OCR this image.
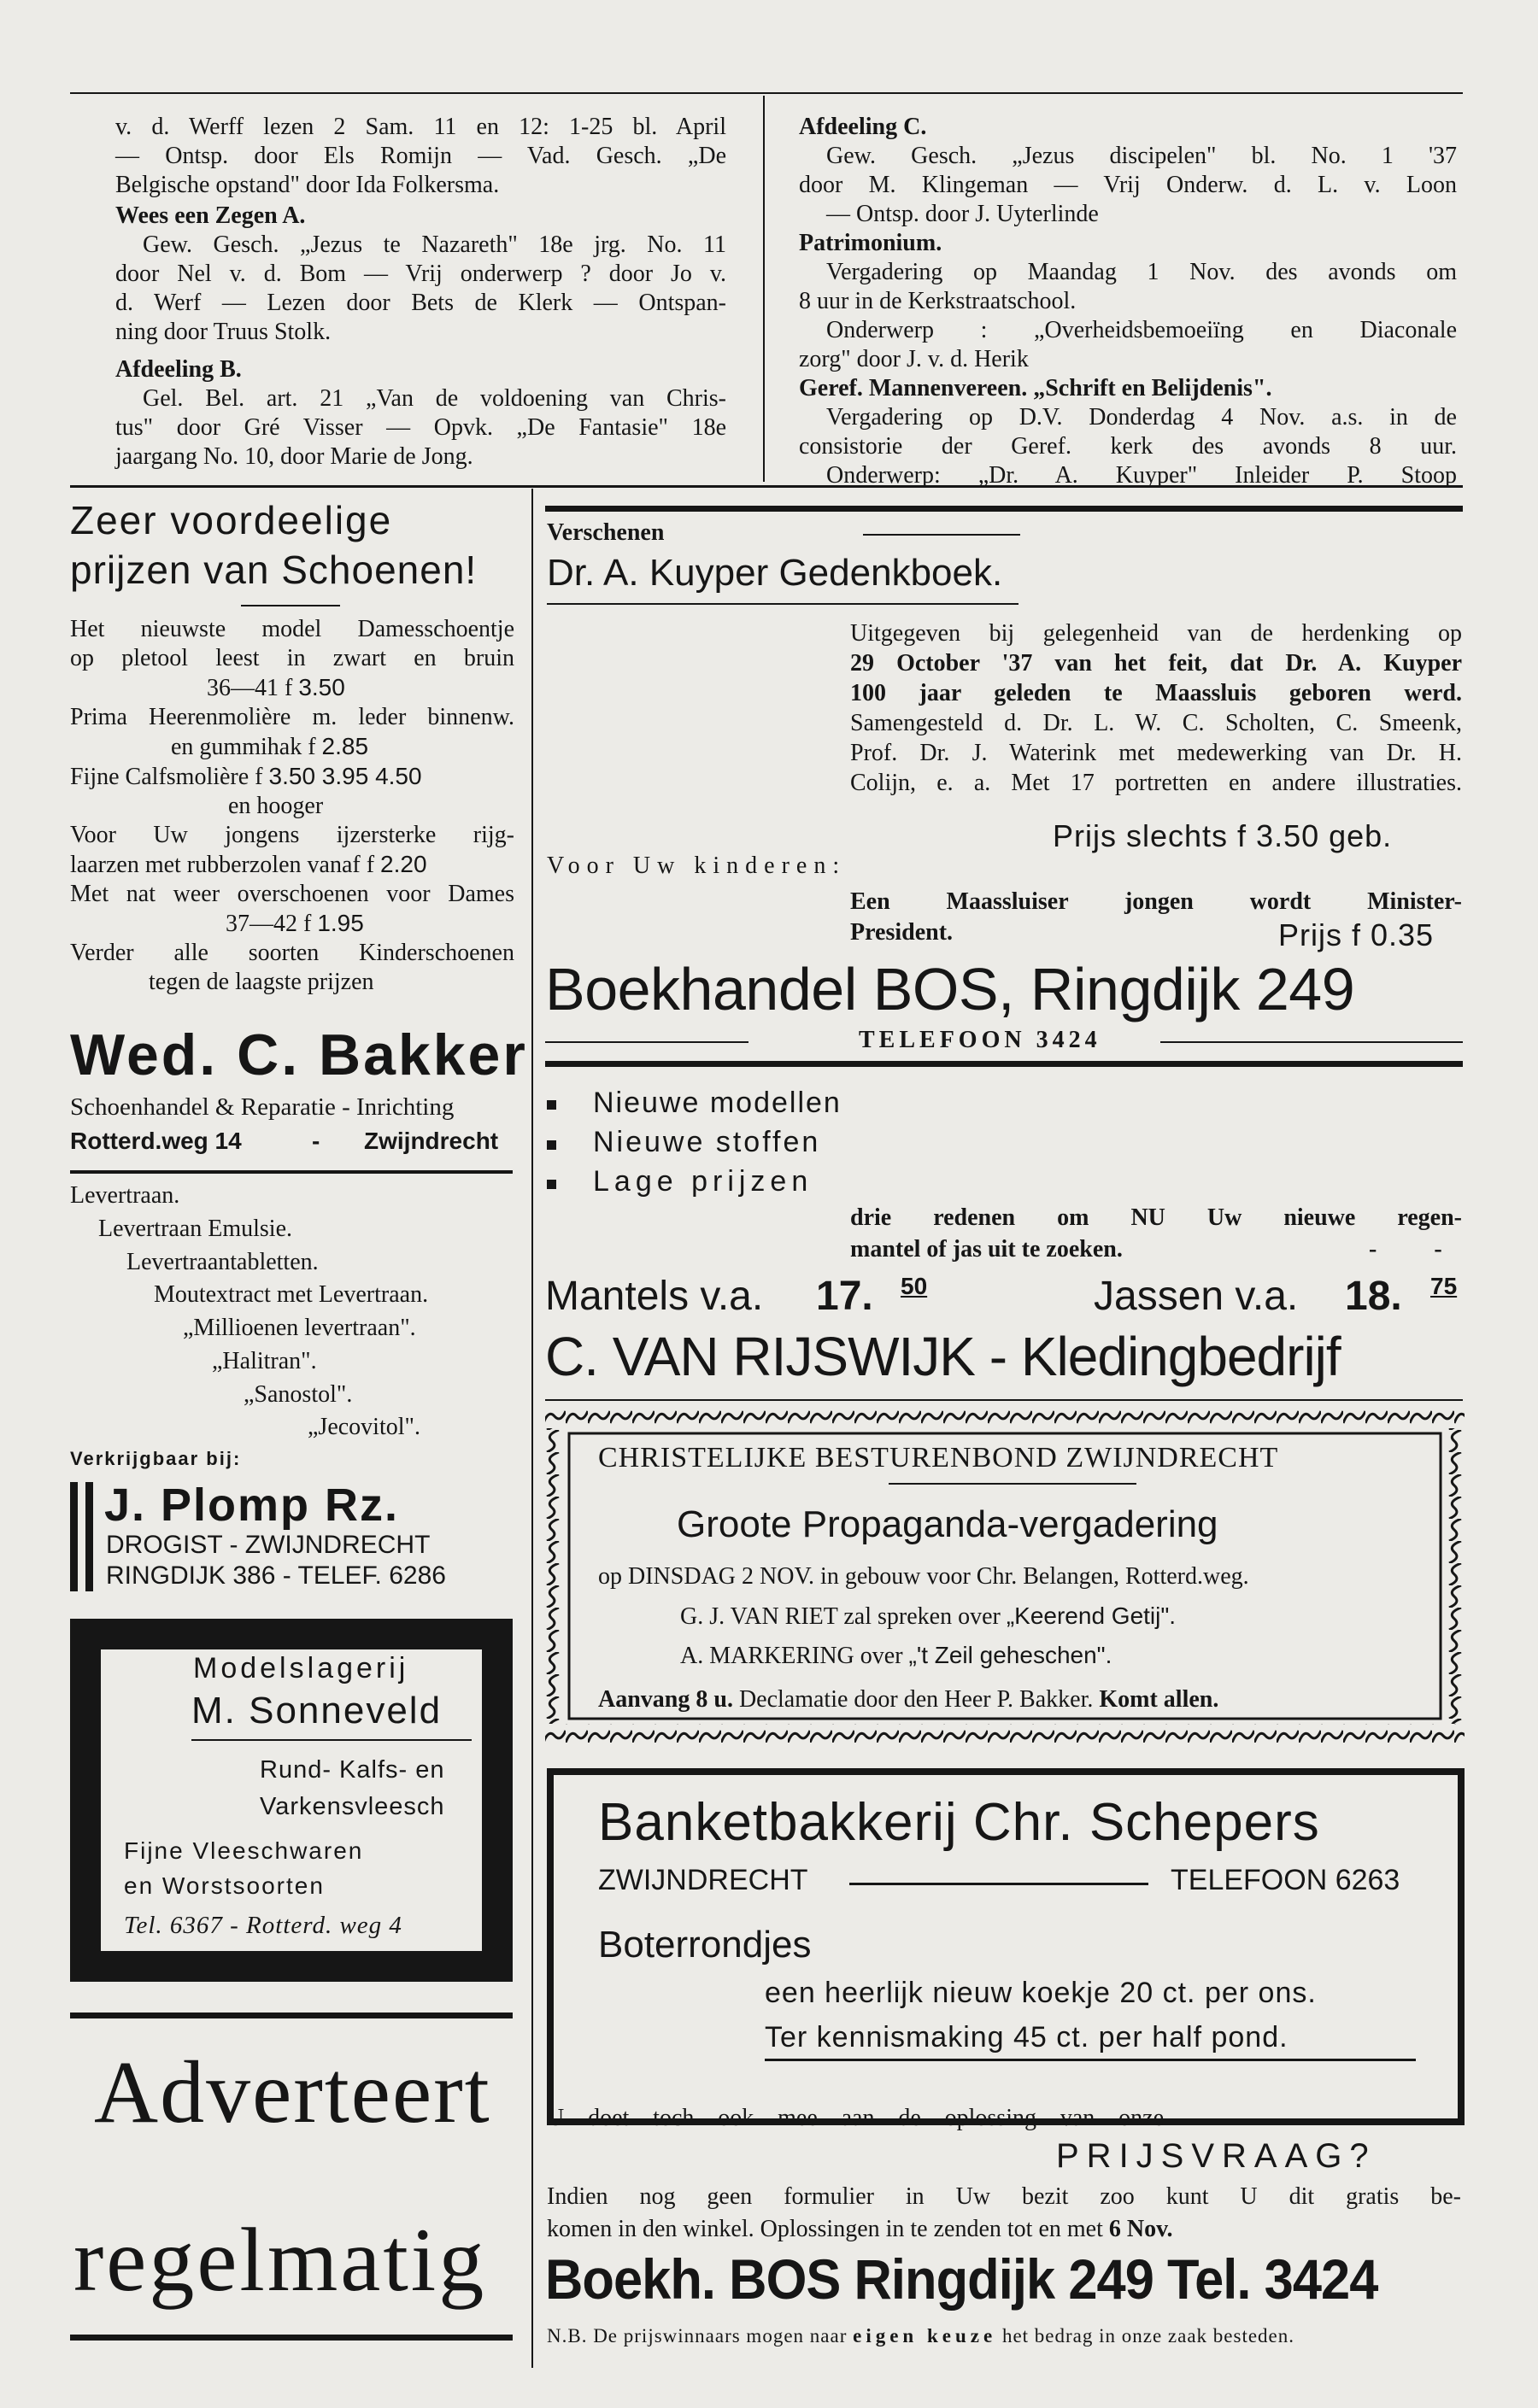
v. d. Werff lezen 2 Sam. 11 en 12: 1-25 bl. April
— Ontsp. door Els Romijn — Vad. Gesch. „De
Belgische opstand" door Ida Folkersma.
Wees een Zegen A.
Gew. Gesch. „Jezus te Nazareth" 18e jrg. No. 11
door Nel v. d. Bom — Vrij onderwerp ? door Jo v.
d. Werf — Lezen door Bets de Klerk — Ontspan-
ning door Truus Stolk.
Afdeeling B.
Gel. Bel. art. 21 „Van de voldoening van Chris-
tus" door Gré Visser — Opvk. „De Fantasie" 18e
jaargang No. 10, door Marie de Jong.
Afdeeling C.
Gew. Gesch. „Jezus discipelen" bl. No. 1 '37
door M. Klingeman — Vrij Onderw. d. L. v. Loon
— Ontsp. door J. Uyterlinde
Patrimonium.
Vergadering op Maandag 1 Nov. des avonds om
8 uur in de Kerkstraatschool.
Onderwerp : „Overheidsbemoeiïng en Diaconale
zorg" door J. v. d. Herik
Geref. Mannenvereen. „Schrift en Belijdenis".
Vergadering op D.V. Donderdag 4 Nov. a.s. in de
consistorie der Geref. kerk des avonds 8 uur.
Onderwerp: „Dr. A. Kuyper" Inleider P. Stoop
Zeer voordeelige
prijzen van Schoenen!
Het nieuwste model Damesschoentje
op pletool leest in zwart en bruin
36—41 f 3.50
Prima Heerenmolière m. leder binnenw.
en gummihak f 2.85
Fijne Calfsmolière f 3.50 3.95 4.50
en hooger
Voor Uw jongens ijzersterke rijg-
laarzen met rubberzolen vanaf f 2.20
Met nat weer overschoenen voor Dames
37—42 f 1.95
Verder alle soorten Kinderschoenen
tegen de laagste prijzen
Wed. C. Bakker
Schoenhandel & Reparatie - Inrichting
Rotterd.weg 14	- Zwijndrecht
Levertraan.
Levertraan Emulsie.
Levertraantabletten.
Moutextract met Levertraan.
„Millioenen levertraan".
„Halitran".
„Sanostol".
„Jecovitol".
Verkrijgbaar bij:
J. Plomp Rz.
DROGIST - ZWIJNDRECHT
RINGDIJK 386 - TELEF. 6286
Modelslagerij
M. Sonneveld
Rund- Kalfs- en
Varkensvleesch
Fijne Vleeschwaren
en Worstsoorten
Tel. 6367 - Rotterd. weg 4
Adverteert
regelmatig
Verschenen
Dr. A. Kuyper Gedenkboek.
Uitgegeven bij gelegenheid van de herdenking op
29 October '37 van het feit, dat Dr. A. Kuyper
100 jaar geleden te Maassluis geboren werd.
Samengesteld d. Dr. L. W. C. Scholten, C. Smeenk,
Prof. Dr. J. Waterink met medewerking van Dr. H.
Colijn, e. a. Met 17 portretten en andere illustraties.
Prijs slechts f 3.50 geb.
Voor Uw kinderen:
Een Maassluiser jongen wordt Minister-
President.	Prijs f 0.35
Boekhandel BOS, Ringdijk 249
TELEFOON 3424
Nieuwe modellen
Nieuwe stoffen
Lage prijzen
drie redenen om NU Uw nieuwe regen-
mantel of jas uit te zoeken.	- -
Mantels v.a. 17. 50	Jassen v.a. 18. 75
C. VAN RIJSWIJK - Kledingbedrijf
CHRISTELIJKE BESTURENBOND ZWIJNDRECHT
Groote Propaganda-vergadering
op DINSDAG 2 NOV. in gebouw voor Chr. Belangen, Rotterd.weg.
G. J. VAN RIET zal spreken over „Keerend Getij".
A. MARKERING over „'t Zeil geheschen".
Aanvang 8 u. Declamatie door den Heer P. Bakker. Komt allen.
Banketbakkerij Chr. Schepers
ZWIJNDRECHT	TELEFOON 6263
Boterrondjes
een heerlijk nieuw koekje 20 ct. per ons.
Ter kennismaking 45 ct. per half pond.
U doet toch ook mee aan de oplossing van onze
PRIJSVRAAG?
Indien nog geen formulier in Uw bezit zoo kunt U dit gratis be-
komen in den winkel. Oplossingen in te zenden tot en met 6 Nov.
Boekh. BOS Ringdijk 249 Tel. 3424
N.B. De prijswinnaars mogen naar eigen keuze het bedrag in onze zaak besteden.
